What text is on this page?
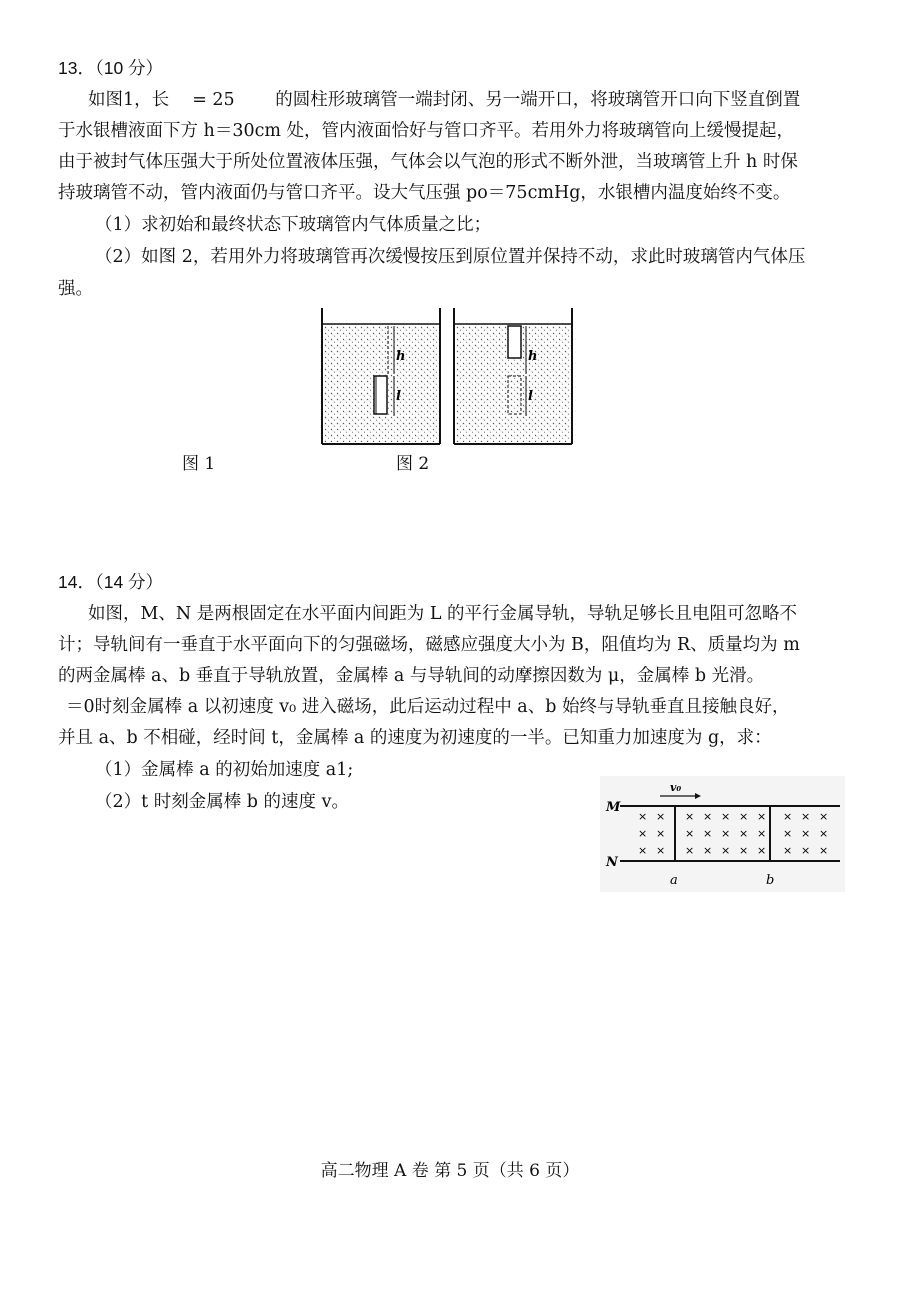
13．（10 分）
如图1，长 　= 25　　 的圆柱形玻璃管一端封闭、另一端开口，将玻璃管开口向下竖直倒置
于水银槽液面下方 h＝30cm 处，管内液面恰好与管口齐平。若用外力将玻璃管向上缓慢提起，
由于被封气体压强大于所处位置液体压强，气体会以气泡的形式不断外泄，当玻璃管上升 h 时保
持玻璃管不动，管内液面仍与管口齐平。设大气压强 po＝75cmHg，水银槽内温度始终不变。
（1）求初始和最终状态下玻璃管内气体质量之比；
（2）如图 2，若用外力将玻璃管再次缓慢按压到原位置并保持不动，求此时玻璃管内气体压
强。
h
l
h
l
图 1	图 2
14．（14 分）
如图，M、N 是两根固定在水平面内间距为 L 的平行金属导轨，导轨足够长且电阻可忽略不
计；导轨间有一垂直于水平面向下的匀强磁场，磁感应强度大小为 B，阻值均为 R、质量均为 m
的两金属棒 a、b 垂直于导轨放置，金属棒 a 与导轨间的动摩擦因数为 μ，金属棒 b 光滑。
＝0时刻金属棒 a 以初速度 v₀ 进入磁场，此后运动过程中 a、b 始终与导轨垂直且接触良好，
并且 a、b 不相碰，经时间 t，金属棒 a 的速度为初速度的一半。已知重力加速度为 g，求：
（1）金属棒 a 的初始加速度 a1;
（2）t 时刻金属棒 b 的速度 v。
v₀
M
N
a	b
× × × × × × × × × ×
× × × × × × × × × ×
× × × × × × × × × ×
高二物理 A 卷 第 5 页（共 6 页）
